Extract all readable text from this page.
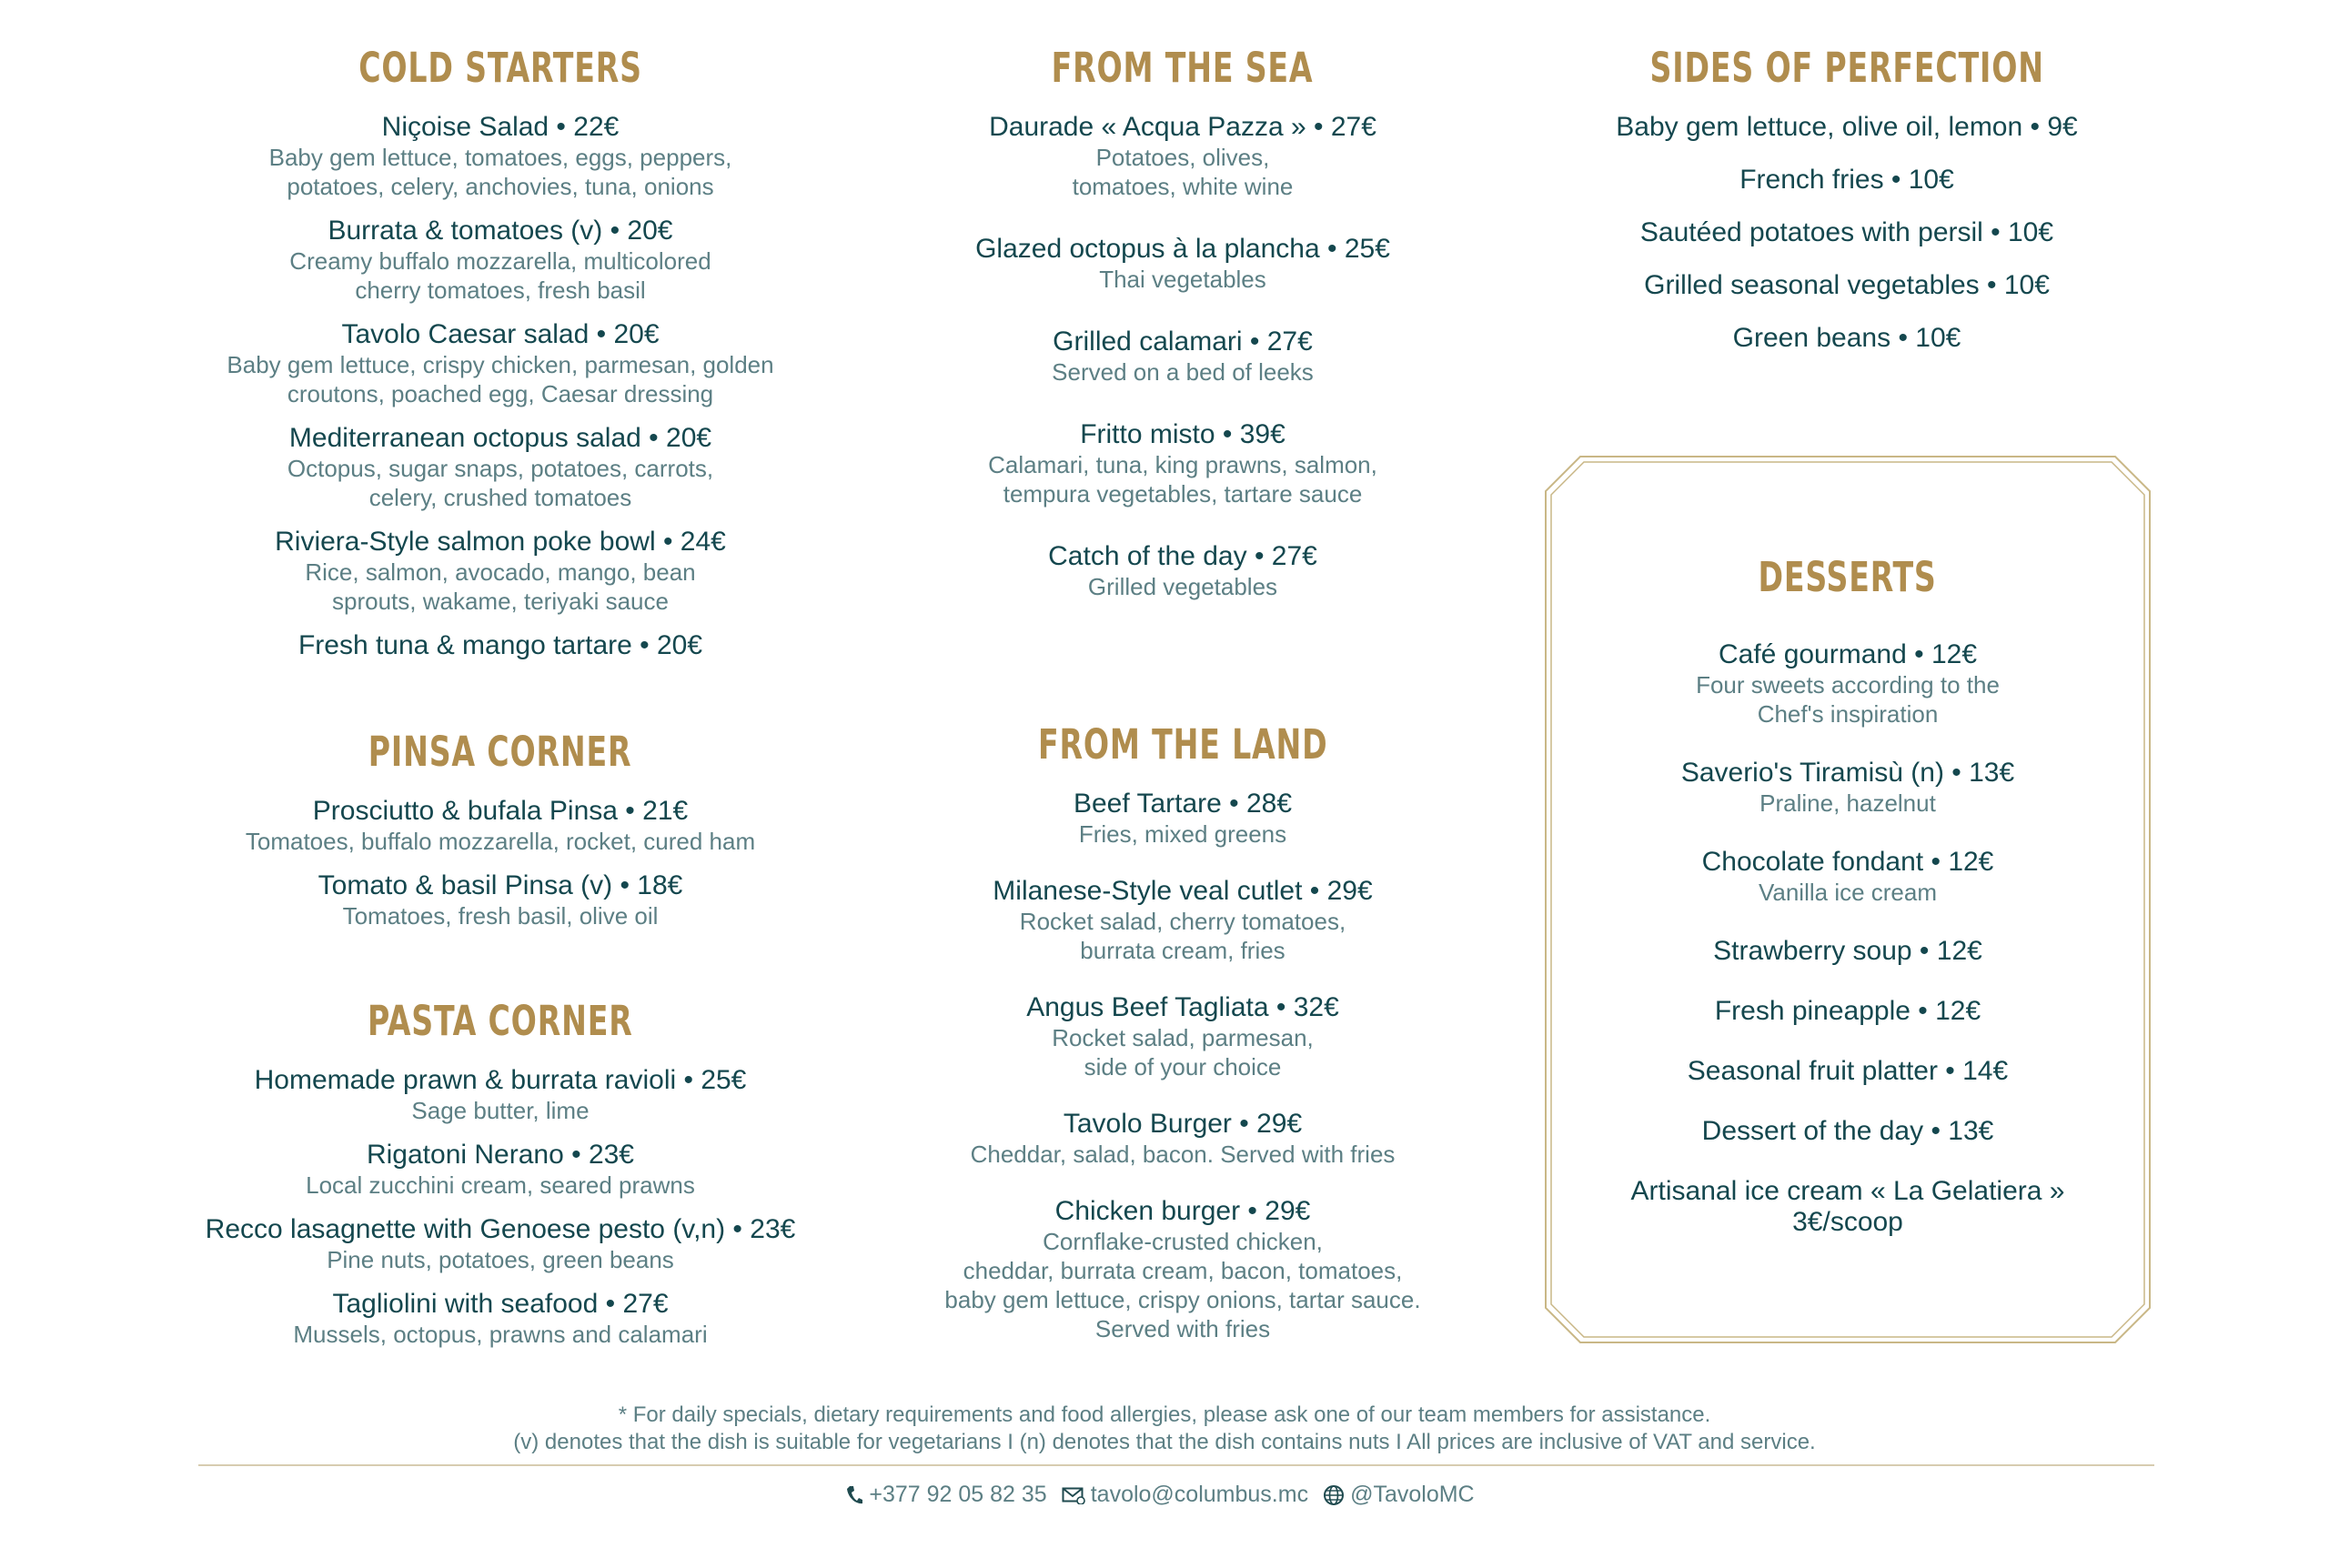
COLD STARTERS

Niçoise Salad • 22€

Baby gem lettuce, tomatoes, eggs, peppers,
potatoes, celery, anchovies, tuna, onions

Burrata & tomatoes (v) • 20€

Creamy buffalo mozzarella, multicolored
cherry tomatoes, fresh basil

Tavolo Caesar salad • 20€

Baby gem lettuce, crispy chicken, parmesan, golden
croutons, poached egg, Caesar dressing

Mediterranean octopus salad • 20€

Octopus, sugar snaps, potatoes, carrots,
celery, crushed tomatoes

Riviera-Style salmon poke bowl • 24€

Rice, salmon, avocado, mango, bean
sprouts, wakame, teriyaki sauce

Fresh tuna & mango tartare • 20€

PINSA CORNER

Prosciutto & bufala Pinsa • 21€

Tomatoes, buffalo mozzarella, rocket, cured ham

Tomato & basil Pinsa (v) • 18€

Tomatoes, fresh basil, olive oil

PASTA CORNER

Homemade prawn & burrata ravioli • 25€

Sage butter, lime

Rigatoni Nerano • 23€

Local zucchini cream, seared prawns

Recco lasagnette with Genoese pesto (v,n) • 23€

Pine nuts, potatoes, green beans

Tagliolini with seafood • 27€

Mussels, octopus, prawns and calamari

FROM THE SEA

Daurade « Acqua Pazza » • 27€

Potatoes, olives,
tomatoes, white wine

Glazed octopus à la plancha • 25€

Thai vegetables

Grilled calamari • 27€

Served on a bed of leeks

Fritto misto • 39€

Calamari, tuna, king prawns, salmon,
tempura vegetables, tartare sauce

Catch of the day • 27€

Grilled vegetables

FROM THE LAND

Beef Tartare • 28€

Fries, mixed greens

Milanese-Style veal cutlet • 29€

Rocket salad, cherry tomatoes,
burrata cream, fries

Angus Beef Tagliata • 32€

Rocket salad, parmesan,
side of your choice

Tavolo Burger • 29€

Cheddar, salad, bacon. Served with fries

Chicken burger • 29€

Cornflake-crusted chicken,
cheddar, burrata cream, bacon, tomatoes,
baby gem lettuce, crispy onions, tartar sauce.
Served with fries

SIDES OF PERFECTION

Baby gem lettuce, olive oil, lemon • 9€

French fries • 10€

Sautéed potatoes with persil • 10€

Grilled seasonal vegetables • 10€

Green beans • 10€

DESSERTS

Café gourmand • 12€

Four sweets according to the
Chef's inspiration

Saverio's Tiramisù (n) • 13€

Praline, hazelnut

Chocolate fondant • 12€

Vanilla ice cream

Strawberry soup • 12€

Fresh pineapple • 12€

Seasonal fruit platter • 14€

Dessert of the day • 13€

Artisanal ice cream « La Gelatiera »
3€/scoop

* For daily specials, dietary requirements and food allergies, please ask one of our team members for assistance.
(v) denotes that the dish is suitable for vegetarians I (n) denotes that the dish contains nuts I All prices are inclusive of VAT and service.
+377 92 05 82 35 tavolo@columbus.mc @TavoloMC
